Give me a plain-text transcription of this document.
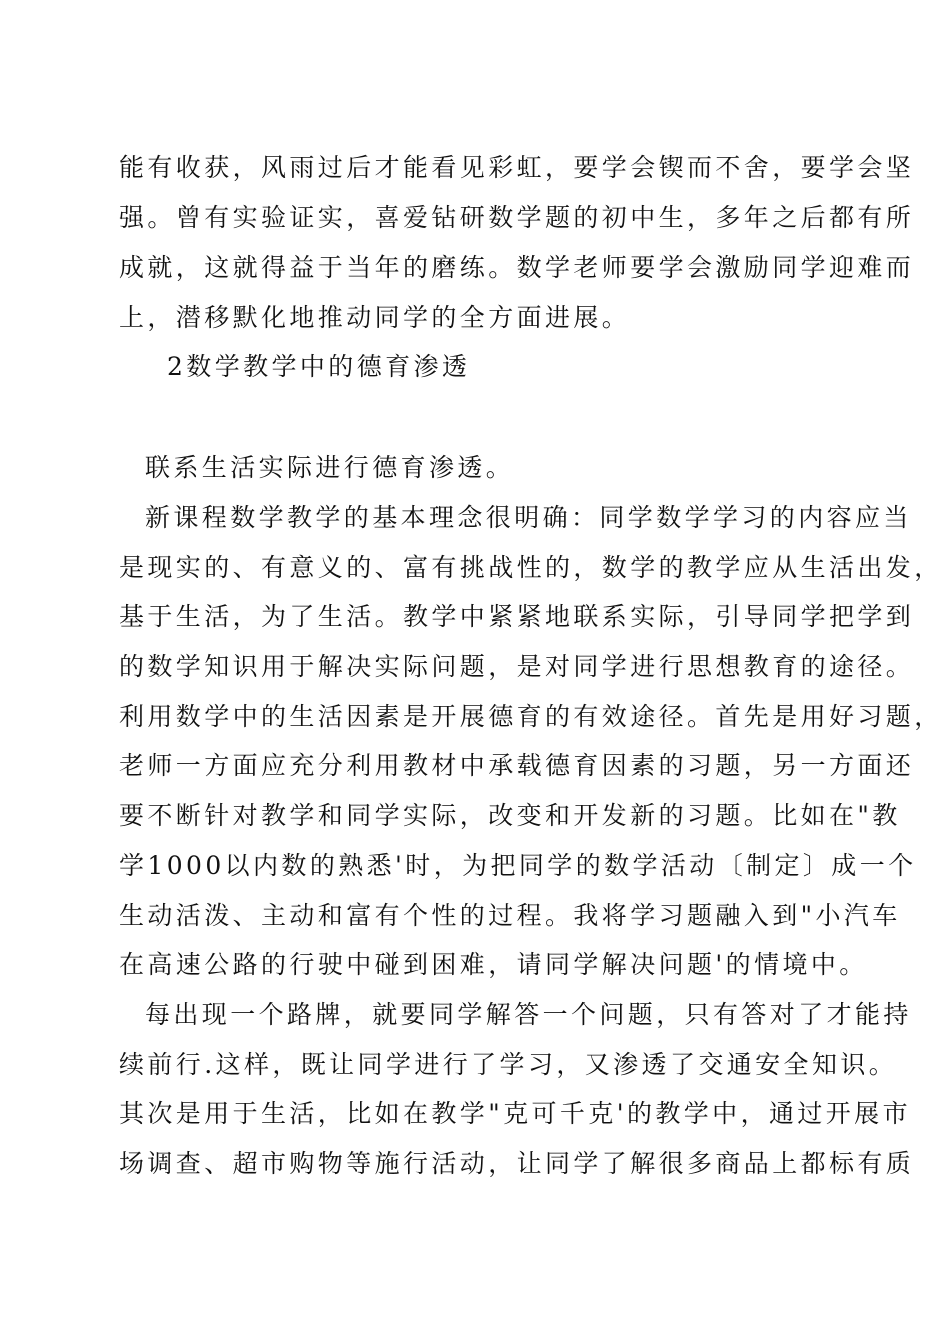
能有收获，风雨过后才能看见彩虹，要学会锲而不舍，要学会坚
强。曾有实验证实，喜爱钻研数学题的初中生，多年之后都有所
成就，这就得益于当年的磨练。数学老师要学会激励同学迎难而
上，潜移默化地推动同学的全方面进展。
2数学教学中的德育渗透
联系生活实际进行德育渗透。
新课程数学教学的基本理念很明确：同学数学学习的内容应当
是现实的、有意义的、富有挑战性的，数学的教学应从生活出发，
基于生活，为了生活。教学中紧紧地联系实际，引导同学把学到
的数学知识用于解决实际问题，是对同学进行思想教育的途径。
利用数学中的生活因素是开展德育的有效途径。首先是用好习题，
老师一方面应充分利用教材中承载德育因素的习题，另一方面还
要不断针对教学和同学实际，改变和开发新的习题。比如在"教
学1000以内数的熟悉'时，为把同学的数学活动〔制定〕成一个
生动活泼、主动和富有个性的过程。我将学习题融入到"小汽车
在高速公路的行驶中碰到困难，请同学解决问题'的情境中。
每出现一个路牌，就要同学解答一个问题，只有答对了才能持
续前行.这样，既让同学进行了学习，又渗透了交通安全知识。
其次是用于生活，比如在教学"克可千克'的教学中，通过开展市
场调查、超市购物等施行活动，让同学了解很多商品上都标有质
